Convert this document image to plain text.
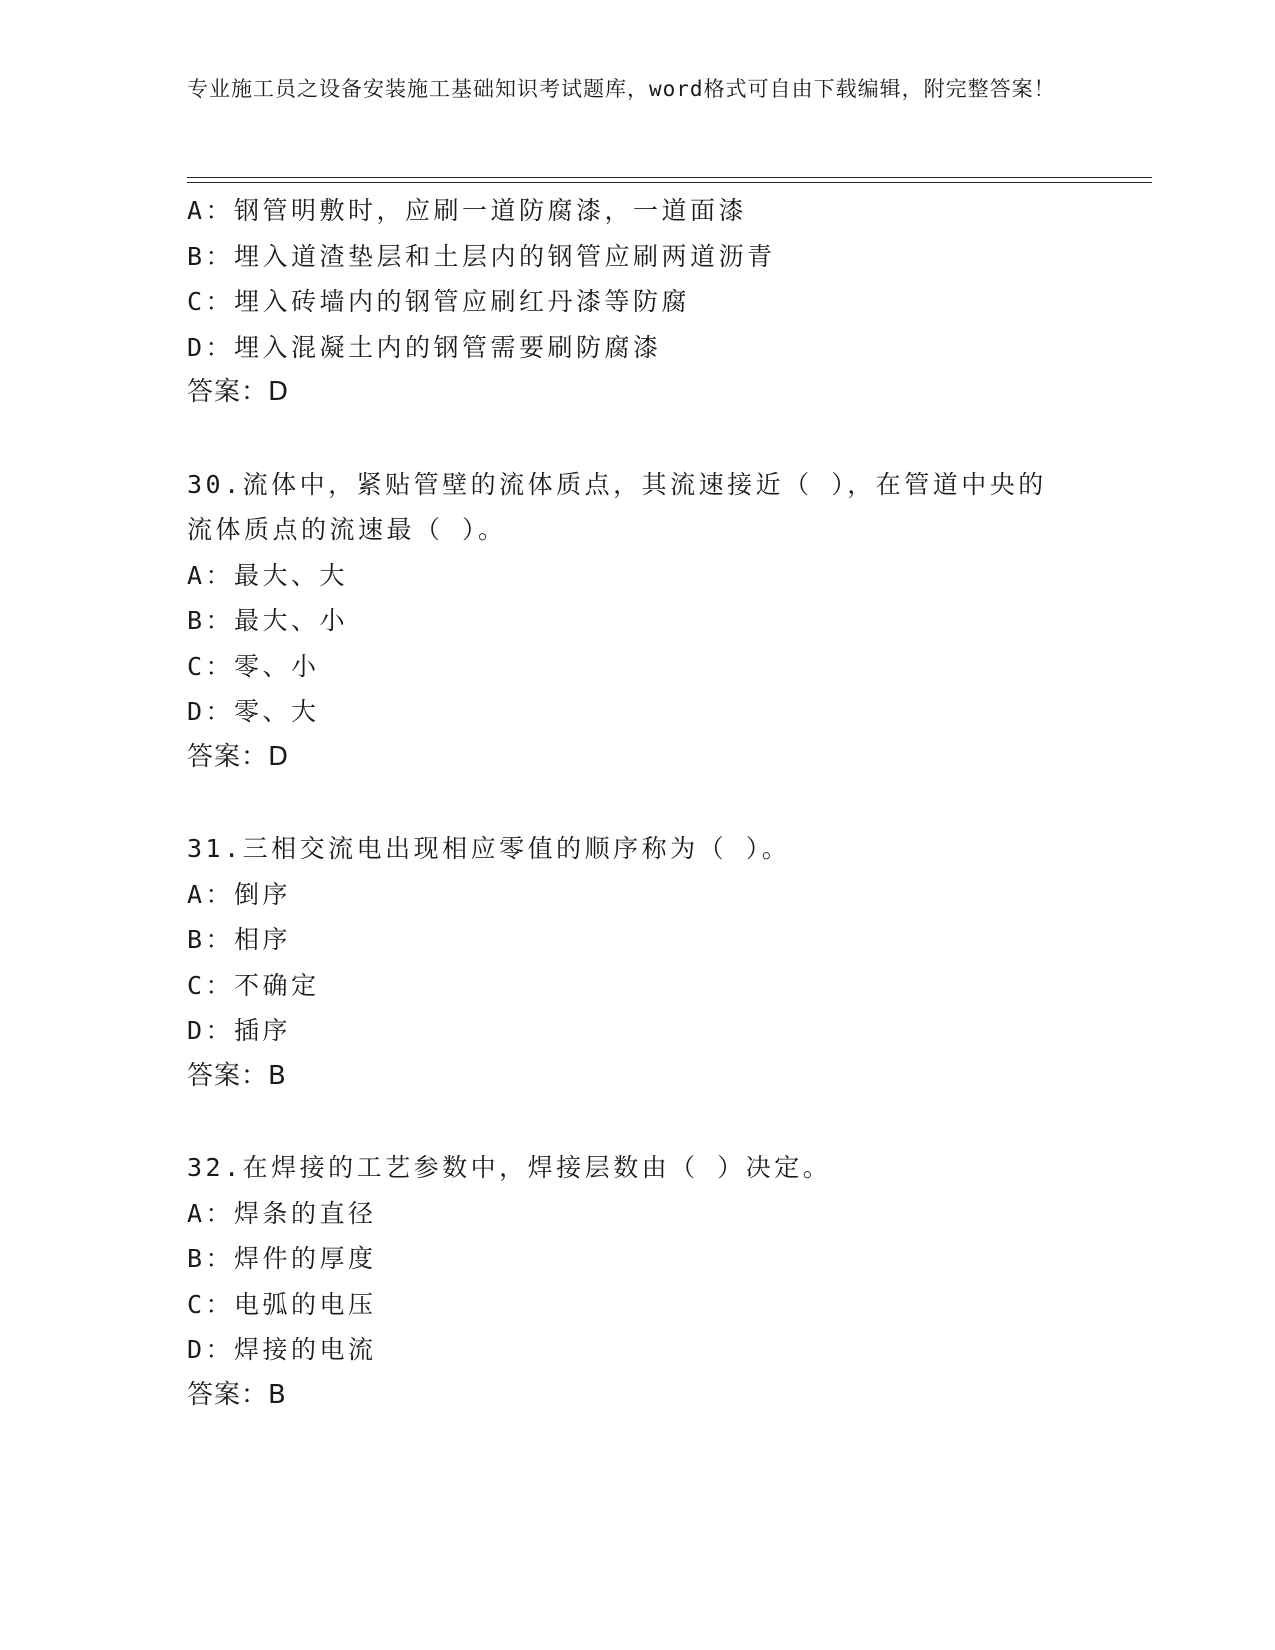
专业施工员之设备安装施工基础知识考试题库，word格式可自由下载编辑，附完整答案！
A：钢管明敷时，应刷一道防腐漆，一道面漆
B：埋入道渣垫层和土层内的钢管应刷两道沥青
C：埋入砖墙内的钢管应刷红丹漆等防腐
D：埋入混凝土内的钢管需要刷防腐漆
答案：D
30.流体中，紧贴管壁的流体质点，其流速接近（ ），在管道中央的流体质点的流速最（ ）。
A：最大、大
B：最大、小
C：零、小
D：零、大
答案：D
31.三相交流电出现相应零值的顺序称为（ ）。
A：倒序
B：相序
C：不确定
D：插序
答案：B
32.在焊接的工艺参数中，焊接层数由（ ）决定。
A：焊条的直径
B：焊件的厚度
C：电弧的电压
D：焊接的电流
答案：B
